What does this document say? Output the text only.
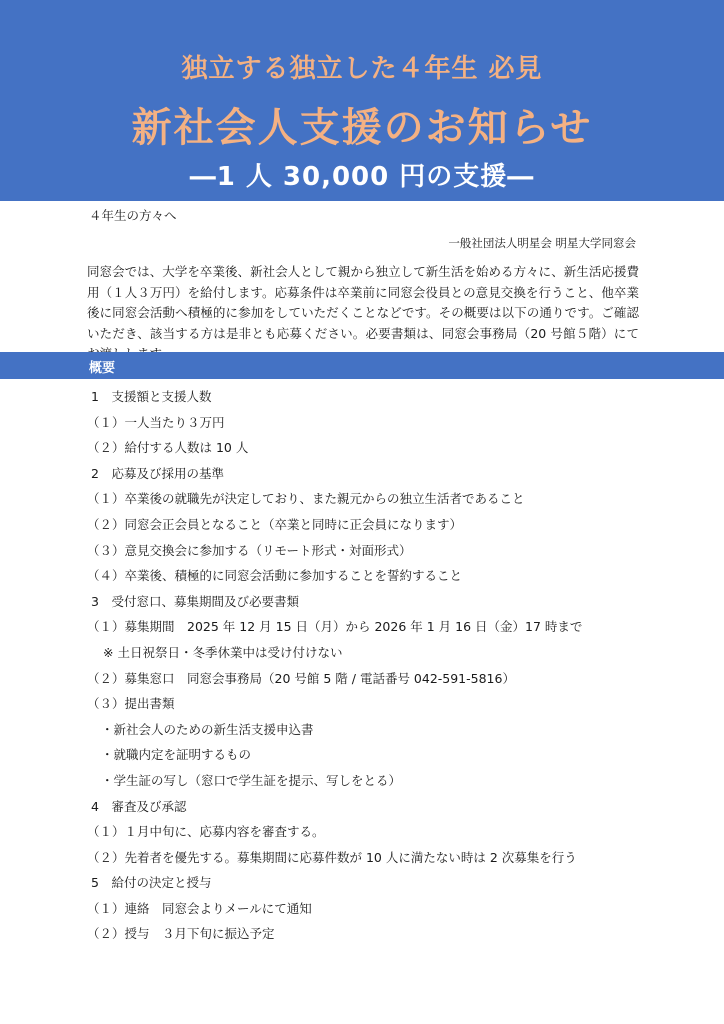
独立する独立した４年生 必見
新社会人支援のお知らせ
―1 人 30,000 円の支援―
４年生の方々へ
一般社団法人明星会 明星大学同窓会
同窓会では、大学を卒業後、新社会人として親から独立して新生活を始める方々に、新生活応援費用（１人３万円）を給付します。応募条件は卒業前に同窓会役員との意見交換を行うこと、他卒業後に同窓会活動へ積極的に参加をしていただくことなどです。その概要は以下の通りです。ご確認いただき、該当する方は是非とも応募ください。必要書類は、同窓会事務局（20 号館５階）にて
概要
1　支援額と支援人数
（１）一人当たり３万円
（２）給付する人数は 10 人
2　応募及び採用の基準
（１）卒業後の就職先が決定しており、また親元からの独立生活者であること
（２）同窓会正会員となること（卒業と同時に正会員になります）
（３）意見交換会に参加する（リモート形式・対面形式）
（４）卒業後、積極的に同窓会活動に参加することを誓約すること
3　受付窓口、募集期間及び必要書類
（１）募集期間　2025 年 12 月 15 日（月）から 2026 年 1 月 16 日（金）17 時まで
※ 土日祝祭日・冬季休業中は受け付けない
（２）募集窓口　同窓会事務局（20 号館 5 階 / 電話番号 042-591-5816）
（３）提出書類
・新社会人のための新生活支援申込書
・就職内定を証明するもの
・学生証の写し（窓口で学生証を提示、写しをとる）
4　審査及び承認
（１）１月中旬に、応募内容を審査する。
（２）先着者を優先する。募集期間に応募件数が 10 人に満たない時は 2 次募集を行う
5　給付の決定と授与
（１）連絡　同窓会よりメールにて通知
（２）授与　３月下旬に振込予定
